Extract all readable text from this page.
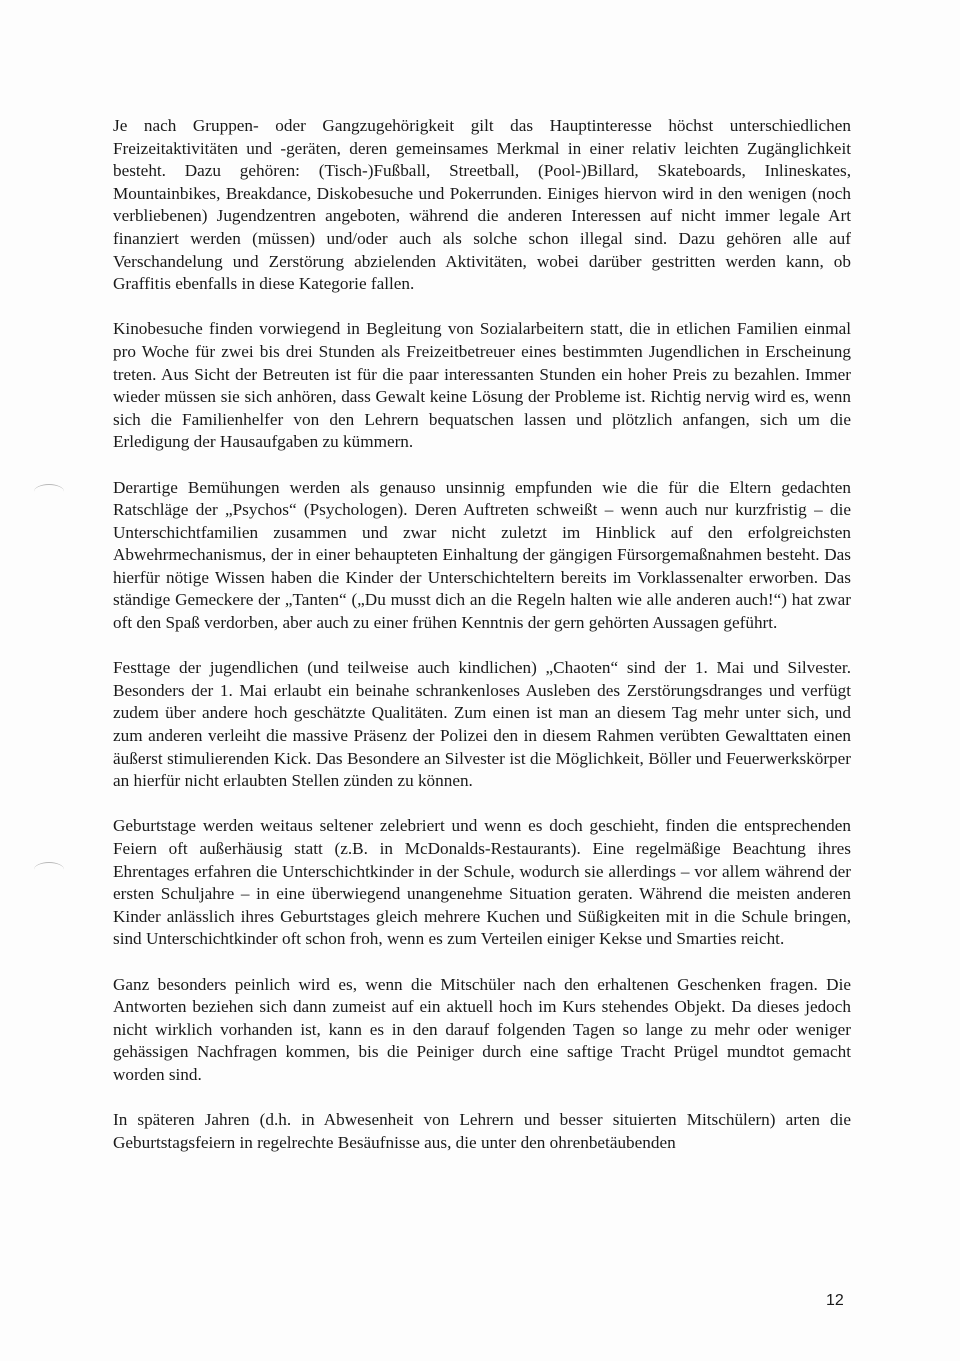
Je nach Gruppen- oder Gangzugehörigkeit gilt das Hauptinteresse höchst unterschiedlichen Freizeitaktivitäten und -geräten, deren gemeinsames Merkmal in einer relativ leichten Zugänglichkeit besteht. Dazu gehören: (Tisch-)Fußball, Streetball, (Pool-)Billard, Skateboards, Inlineskates, Mountainbikes, Breakdance, Diskobesuche und Pokerrunden. Einiges hiervon wird in den wenigen (noch verbliebenen) Jugendzentren angeboten, während die anderen Interessen auf nicht immer legale Art finanziert werden (müssen) und/oder auch als solche schon illegal sind. Dazu gehören alle auf Verschandelung und Zerstörung abzielenden Aktivitäten, wobei darüber gestritten werden kann, ob Graffitis ebenfalls in diese Kategorie fallen.

Kinobesuche finden vorwiegend in Begleitung von Sozialarbeitern statt, die in etlichen Familien einmal pro Woche für zwei bis drei Stunden als Freizeitbetreuer eines bestimmten Jugendlichen in Erscheinung treten. Aus Sicht der Betreuten ist für die paar interessanten Stunden ein hoher Preis zu bezahlen. Immer wieder müssen sie sich anhören, dass Gewalt keine Lösung der Probleme ist. Richtig nervig wird es, wenn sich die Familienhelfer von den Lehrern bequatschen lassen und plötzlich anfangen, sich um die Erledigung der Hausaufgaben zu kümmern.

Derartige Bemühungen werden als genauso unsinnig empfunden wie die für die Eltern gedachten Ratschläge der „Psychos“ (Psychologen). Deren Auftreten schweißt – wenn auch nur kurzfristig – die Unterschichtfamilien zusammen und zwar nicht zuletzt im Hinblick auf den erfolgreichsten Abwehrmechanismus, der in einer behaupteten Einhaltung der gängigen Fürsorgemaßnahmen besteht. Das hierfür nötige Wissen haben die Kinder der Unterschichteltern bereits im Vorklassenalter erworben. Das ständige Gemeckere der „Tanten“ („Du musst dich an die Regeln halten wie alle anderen auch!“) hat zwar oft den Spaß verdorben, aber auch zu einer frühen Kenntnis der gern gehörten Aussagen geführt.

Festtage der jugendlichen (und teilweise auch kindlichen) „Chaoten“ sind der 1. Mai und Silvester. Besonders der 1. Mai erlaubt ein beinahe schrankenloses Ausleben des Zerstörungsdranges und verfügt zudem über andere hoch geschätzte Qualitäten. Zum einen ist man an diesem Tag mehr unter sich, und zum anderen verleiht die massive Präsenz der Polizei den in diesem Rahmen verübten Gewalttaten einen äußerst stimulierenden Kick. Das Besondere an Silvester ist die Möglichkeit, Böller und Feuerwerkskörper an hierfür nicht erlaubten Stellen zünden zu können.

Geburtstage werden weitaus seltener zelebriert und wenn es doch geschieht, finden die entsprechenden Feiern oft außerhäusig statt (z.B. in McDonalds-Restaurants). Eine regelmäßige Beachtung ihres Ehrentages erfahren die Unterschichtkinder in der Schule, wodurch sie allerdings – vor allem während der ersten Schuljahre – in eine überwiegend unangenehme Situation geraten. Während die meisten anderen Kinder anlässlich ihres Geburtstages gleich mehrere Kuchen und Süßigkeiten mit in die Schule bringen, sind Unterschichtkinder oft schon froh, wenn es zum Verteilen einiger Kekse und Smarties reicht.

Ganz besonders peinlich wird es, wenn die Mitschüler nach den erhaltenen Geschenken fragen. Die Antworten beziehen sich dann zumeist auf ein aktuell hoch im Kurs stehendes Objekt. Da dieses jedoch nicht wirklich vorhanden ist, kann es in den darauf folgenden Tagen so lange zu mehr oder weniger gehässigen Nachfragen kommen, bis die Peiniger durch eine saftige Tracht Prügel mundtot gemacht worden sind.

In späteren Jahren (d.h. in Abwesenheit von Lehrern und besser situierten Mitschülern) arten die Geburtstagsfeiern in regelrechte Besäufnisse aus, die unter den ohrenbetäubenden

12
